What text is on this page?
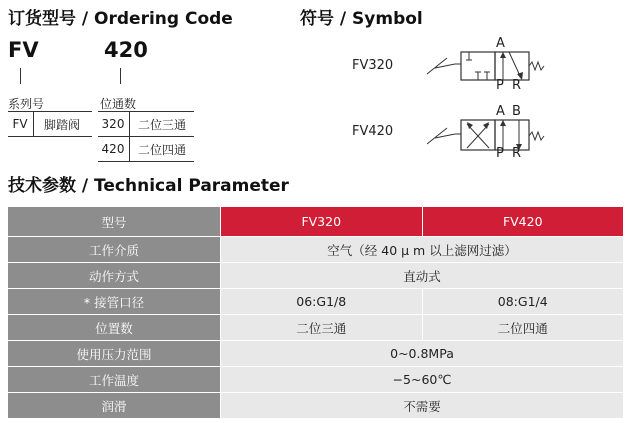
订货型号 / Ordering Code
FV	420
系列号
FV	脚踏阀
位通数
320	二位三通
420	二位四通
符号 / Symbol
FV320
A
P R
FV420
A B
P R
技术参数 / Technical Parameter
型号	FV320	FV420
工作介质	空气（经 40 μ m 以上滤网过滤）
动作方式	直动式
* 接管口径	06:G1/8	08:G1/4
位置数	二位三通	二位四通
使用压力范围	0~0.8MPa
工作温度	−5~60℃
润滑	不需要
